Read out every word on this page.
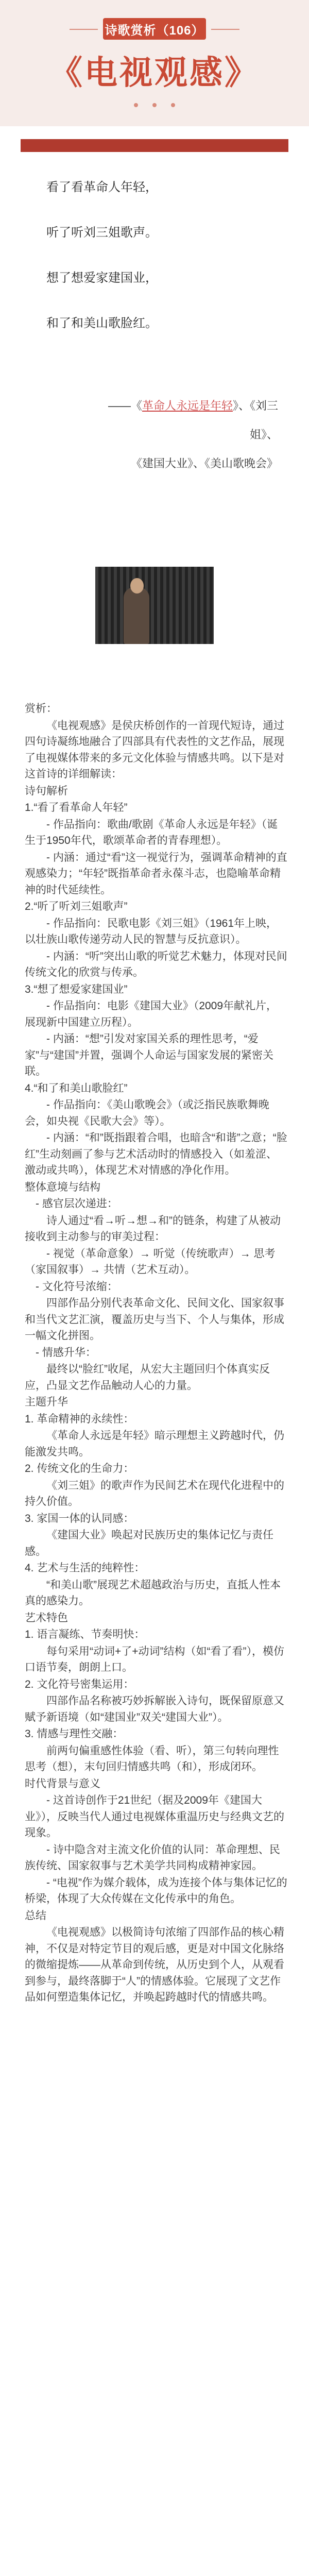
诗歌赏析（106）
《电视观感》
看了看革命人年轻，
听了听刘三姐歌声。
想了想爱家建国业，
和了和美山歌脸红。
——《革命人永远是年轻》、《刘三
姐》、
《建国大业》、《美山歌晚会》

赏析：

《电视观感》是侯庆桥创作的一首现代短诗，通过四句诗凝练地融合了四部具有代表性的文艺作品，展现了电视媒体带来的多元文化体验与情感共鸣。以下是对这首诗的详细解读：

诗句解析

1.“看了看革命人年轻”

- 作品指向：歌曲/歌剧《革命人永远是年轻》（诞生于1950年代，歌颂革命者的青春理想）。

- 内涵：通过“看”这一视觉行为，强调革命精神的直观感染力；“年轻”既指革命者永葆斗志，也隐喻革命精神的时代延续性。

2.“听了听刘三姐歌声”

- 作品指向：民歌电影《刘三姐》（1961年上映，以壮族山歌传递劳动人民的智慧与反抗意识）。

- 内涵：“听”突出山歌的听觉艺术魅力，体现对民间传统文化的欣赏与传承。

3.“想了想爱家建国业”

- 作品指向：电影《建国大业》（2009年献礼片，展现新中国建立历程）。

- 内涵：“想”引发对家国关系的理性思考，“爱家”与“建国”并置，强调个人命运与国家发展的紧密关联。

4.“和了和美山歌脸红”

- 作品指向：《美山歌晚会》（或泛指民族歌舞晚会，如央视《民歌大会》等）。

- 内涵：“和”既指跟着合唱，也暗含“和谐”之意；“脸红”生动刻画了参与艺术活动时的情感投入（如羞涩、激动或共鸣），体现艺术对情感的净化作用。

整体意境与结构

- 感官层次递进：

诗人通过“看→听→想→和”的链条，构建了从被动接收到主动参与的审美过程：

- 视觉（革命意象）→ 听觉（传统歌声）→ 思考（家国叙事）→ 共情（艺术互动）。

- 文化符号浓缩：

四部作品分别代表革命文化、民间文化、国家叙事和当代文艺汇演，覆盖历史与当下、个人与集体，形成一幅文化拼图。

- 情感升华：

最终以“脸红”收尾，从宏大主题回归个体真实反应，凸显文艺作品触动人心的力量。

主题升华

1. 革命精神的永续性：

《革命人永远是年轻》暗示理想主义跨越时代，仍能激发共鸣。

2. 传统文化的生命力：

《刘三姐》的歌声作为民间艺术在现代化进程中的持久价值。

3. 家国一体的认同感：

《建国大业》唤起对民族历史的集体记忆与责任感。

4. 艺术与生活的纯粹性：

“和美山歌”展现艺术超越政治与历史，直抵人性本真的感染力。

艺术特色

1. 语言凝练、节奏明快：

每句采用“动词+了+动词”结构（如“看了看”），模仿口语节奏，朗朗上口。

2. 文化符号密集运用：

四部作品名称被巧妙拆解嵌入诗句，既保留原意又赋予新语境（如“建国业”双关“建国大业”）。

3. 情感与理性交融：

前两句偏重感性体验（看、听），第三句转向理性思考（想），末句回归情感共鸣（和），形成闭环。

时代背景与意义

- 这首诗创作于21世纪（据及2009年《建国大业》），反映当代人通过电视媒体重温历史与经典文艺的现象。

- 诗中隐含对主流文化价值的认同：革命理想、民族传统、国家叙事与艺术美学共同构成精神家园。

- “电视”作为媒介载体，成为连接个体与集体记忆的桥梁，体现了大众传媒在文化传承中的角色。

总结

《电视观感》以极简诗句浓缩了四部作品的核心精神，不仅是对特定节目的观后感，更是对中国文化脉络的微缩提炼——从革命到传统，从历史到个人，从观看到参与，最终落脚于“人”的情感体验。它展现了文艺作品如何塑造集体记忆，并唤起跨越时代的情感共鸣。
